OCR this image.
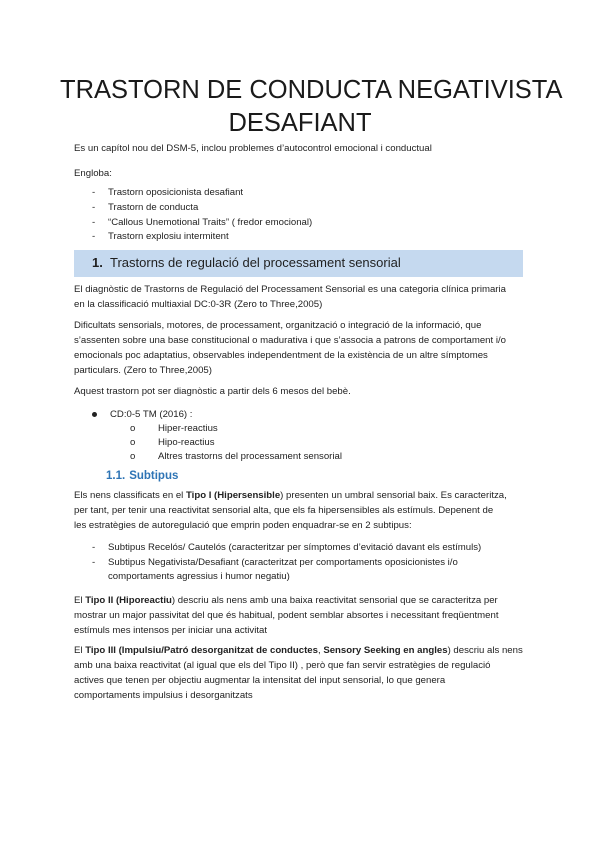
TRASTORN DE CONDUCTA NEGATIVISTA
DESAFIANT

Es un capítol nou del DSM-5, inclou problemes d’autocontrol emocional i conductual

Engloba:

- Trastorn oposicionista desafiant
- Trastorn de conducta
- “Callous Unemotional Traits” ( fredor emocional)
- Trastorn explosiu intermitent
1. Trastorns de regulació del processament sensorial

El diagnòstic de Trastorns de Regulació del Processament Sensorial es una categoria clínica primaria
en la classificació multiaxial DC:0-3R (Zero to Three,2005)

Dificultats sensorials, motores, de processament, organització o integració de la informació, que
s’assenten sobre una base constitucional o madurativa i que s’associa a patrons de comportament i/o
emocionals poc adaptatius, observables independentment de la existència de un altre símptomes
particulars. (Zero to Three,2005)

Aquest trastorn pot ser diagnòstic a partir dels 6 mesos del bebè.

CD:0-5 TM (2016) :
o Hiper-reactius
o Hipo-reactius
o Altres trastorns del processament sensorial
1.1. Subtipus

Els nens classificats en el Tipo I (Hipersensible) presenten un umbral sensorial baix. Es caracteritza,
per tant, per tenir una reactivitat sensorial alta, que els fa hipersensibles als estímuls. Depenent de
les estratègies de autoregulació que emprin poden enquadrar-se en 2 subtipus:

- Subtipus Recelós/ Cautelós (caracteritzar per símptomes d’evitació davant els estímuls)
- Subtipus Negativista/Desafiant (caracteritzat per comportaments oposicionistes i/o
comportaments agressius i humor negatiu)

El Tipo II (Hiporeactiu) descriu als nens amb una baixa reactivitat sensorial que se caracteritza per
mostrar un major passivitat del que és habitual, podent semblar absortes i necessitant freqüentment
estímuls mes intensos per iniciar una activitat

El Tipo III (Impulsiu/Patró desorganitzat de conductes, Sensory Seeking en angles) descriu als nens
amb una baixa reactivitat (al igual que els del Tipo II) , però que fan servir estratègies de regulació
actives que tenen per objectiu augmentar la intensitat del input sensorial, lo que genera
comportaments impulsius i desorganitzats
